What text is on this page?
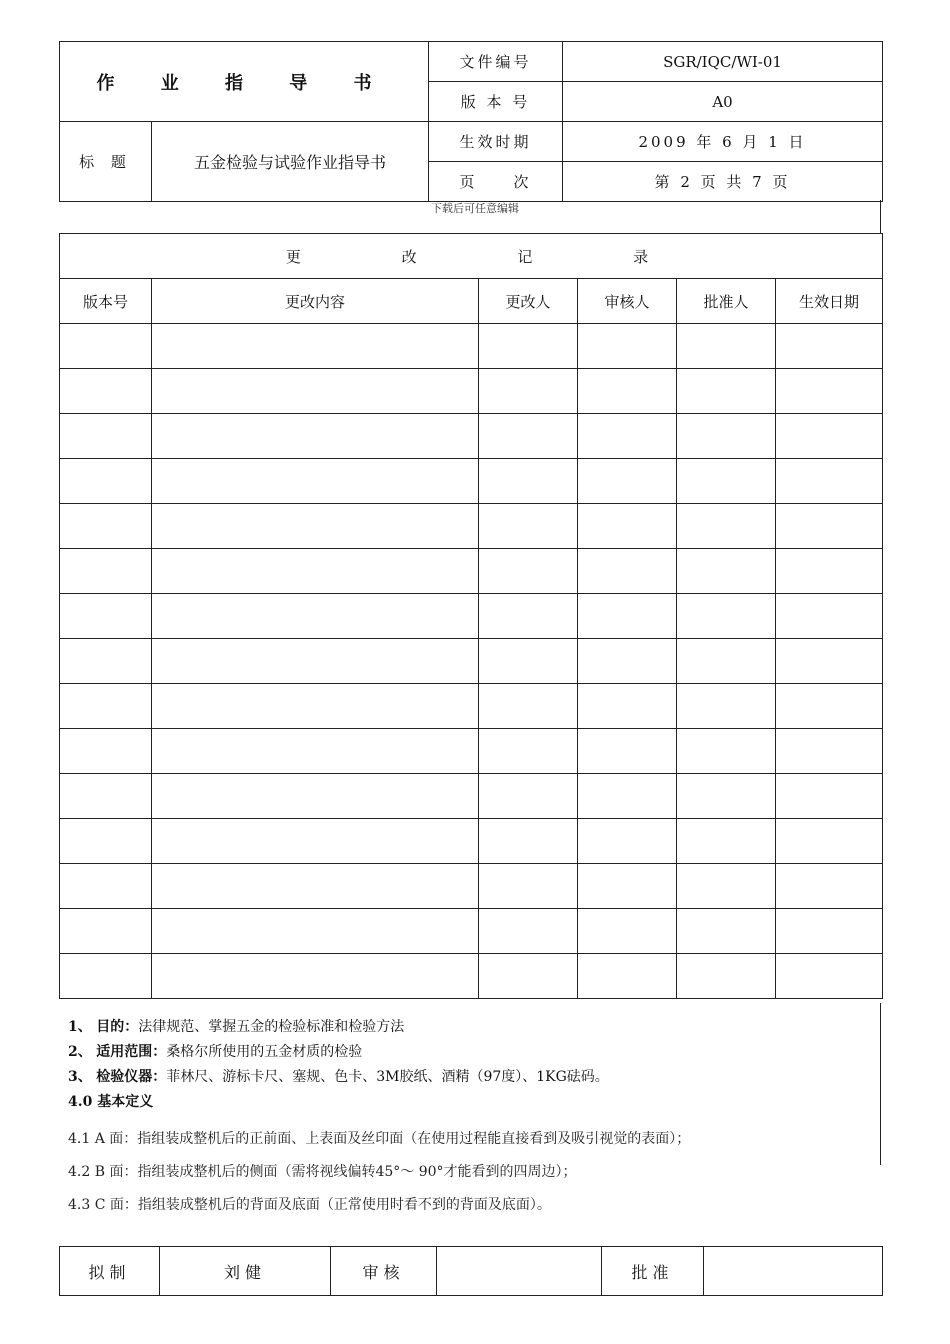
作 业 指 导 书		文件编号	SGR/IQC/WI-01
		版 本 号	A0
标 题	五金检验与试验作业指导书	生效时期	2009 年 6 月 1 日
		页　　次	第 2 页 共 7 页
下载后可任意编辑
更 改 记 录					
版本号	更改内容	更改人	审核人	批准人	生效日期

1、 目的：法律规范、掌握五金的检验标准和检验方法
2、 适用范围：桑格尔所使用的五金材质的检验
3、 检验仪器：菲林尺、游标卡尺、塞规、色卡、3M胶纸、酒精（97度）、1KG砝码。
4.0 基本定义
4.1 A 面：指组装成整机后的正前面、上表面及丝印面（在使用过程能直接看到及吸引视觉的表面）；
4.2 B 面：指组装成整机后的侧面（需将视线偏转45°～ 90°才能看到的四周边）；
4.3 C 面：指组装成整机后的背面及底面（正常使用时看不到的背面及底面）。
拟制	刘健	审核		批准	
